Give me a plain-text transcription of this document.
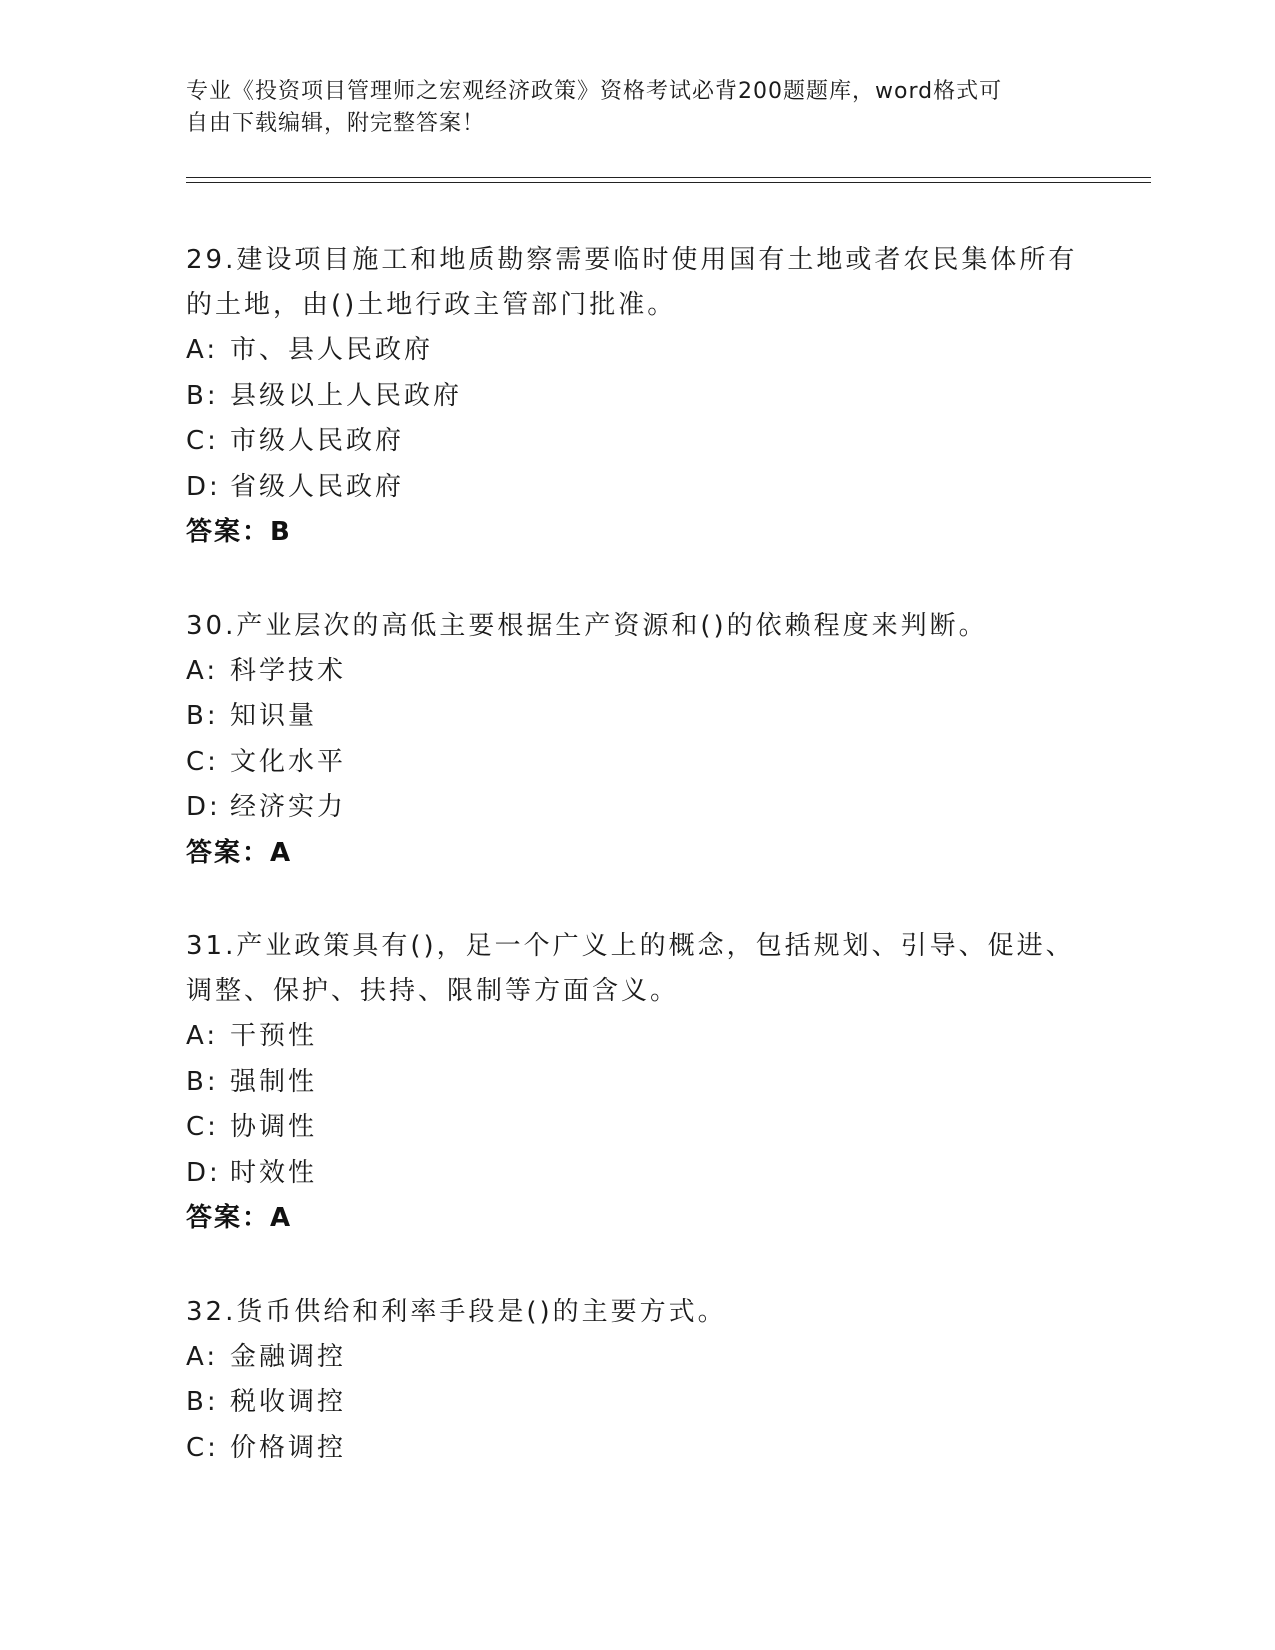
专业《投资项目管理师之宏观经济政策》资格考试必背200题题库，word格式可
自由下载编辑，附完整答案！
29.建设项目施工和地质勘察需要临时使用国有土地或者农民集体所有
的土地，由()土地行政主管部门批准。
A: 市、县人民政府
B: 县级以上人民政府
C: 市级人民政府
D: 省级人民政府
答案：B
30.产业层次的高低主要根据生产资源和()的依赖程度来判断。
A: 科学技术
B: 知识量
C: 文化水平
D: 经济实力
答案：A
31.产业政策具有()，足一个广义上的概念，包括规划、引导、促进、
调整、保护、扶持、限制等方面含义。
A: 干预性
B: 强制性
C: 协调性
D: 时效性
答案：A
32.货币供给和利率手段是()的主要方式。
A: 金融调控
B: 税收调控
C: 价格调控
